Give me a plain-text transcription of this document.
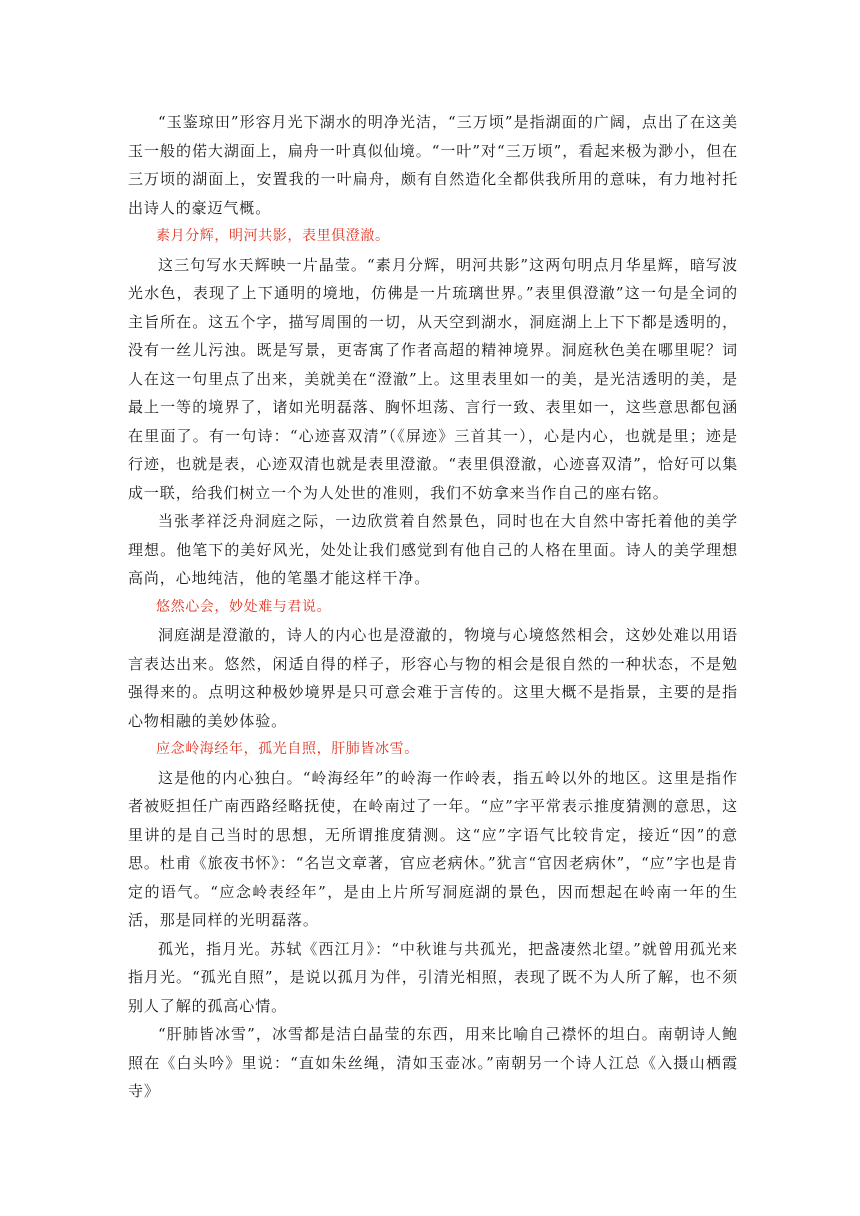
“玉鉴琼田”形容月光下湖水的明净光洁，“三万顷”是指湖面的广阔，点出了在这美玉一般的偌大湖面上，扁舟一叶真似仙境。“一叶”对“三万顷”，看起来极为渺小，但在三万顷的湖面上，安置我的一叶扁舟，颇有自然造化全都供我所用的意味，有力地衬托出诗人的豪迈气概。

素月分辉，明河共影，表里俱澄澈。

这三句写水天辉映一片晶莹。“素月分辉，明河共影”这两句明点月华星辉，暗写波光水色，表现了上下通明的境地，仿佛是一片琉璃世界。”表里俱澄澈”这一句是全词的主旨所在。这五个字，描写周围的一切，从天空到湖水，洞庭湖上上下下都是透明的，没有一丝儿污浊。既是写景，更寄寓了作者高超的精神境界。洞庭秋色美在哪里呢？词人在这一句里点了出来，美就美在“澄澈”上。这里表里如一的美，是光洁透明的美，是最上一等的境界了，诸如光明磊落、胸怀坦荡、言行一致、表里如一，这些意思都包涵在里面了。有一句诗：“心迹喜双清”（《屏迹》三首其一），心是内心，也就是里；迹是行迹，也就是表，心迹双清也就是表里澄澈。“表里俱澄澈，心迹喜双清”，恰好可以集成一联，给我们树立一个为人处世的准则，我们不妨拿来当作自己的座右铭。

当张孝祥泛舟洞庭之际，一边欣赏着自然景色，同时也在大自然中寄托着他的美学理想。他笔下的美好风光，处处让我们感觉到有他自己的人格在里面。诗人的美学理想高尚，心地纯洁，他的笔墨才能这样干净。

悠然心会，妙处难与君说。

洞庭湖是澄澈的，诗人的内心也是澄澈的，物境与心境悠然相会，这妙处难以用语言表达出来。悠然，闲适自得的样子，形容心与物的相会是很自然的一种状态，不是勉强得来的。点明这种极妙境界是只可意会难于言传的。这里大概不是指景，主要的是指心物相融的美妙体验。

应念岭海经年，孤光自照，肝肺皆冰雪。

这是他的内心独白。“岭海经年”的岭海一作岭表，指五岭以外的地区。这里是指作者被贬担任广南西路经略抚使，在岭南过了一年。“应”字平常表示推度猜测的意思，这里讲的是自己当时的思想，无所谓推度猜测。这“应”字语气比较肯定，接近“因”的意思。杜甫《旅夜书怀》：“名岂文章著，官应老病休。”犹言“官因老病休”，“应”字也是肯定的语气。“应念岭表经年”，是由上片所写洞庭湖的景色，因而想起在岭南一年的生活，那是同样的光明磊落。

孤光，指月光。苏轼《西江月》：“中秋谁与共孤光，把盏凄然北望。”就曾用孤光来指月光。“孤光自照”，是说以孤月为伴，引清光相照，表现了既不为人所了解，也不须别人了解的孤高心情。

“肝肺皆冰雪”，冰雪都是洁白晶莹的东西，用来比喻自己襟怀的坦白。南朝诗人鲍照在《白头吟》里说：“直如朱丝绳，清如玉壶冰。”南朝另一个诗人江总《入摄山栖霞寺》
